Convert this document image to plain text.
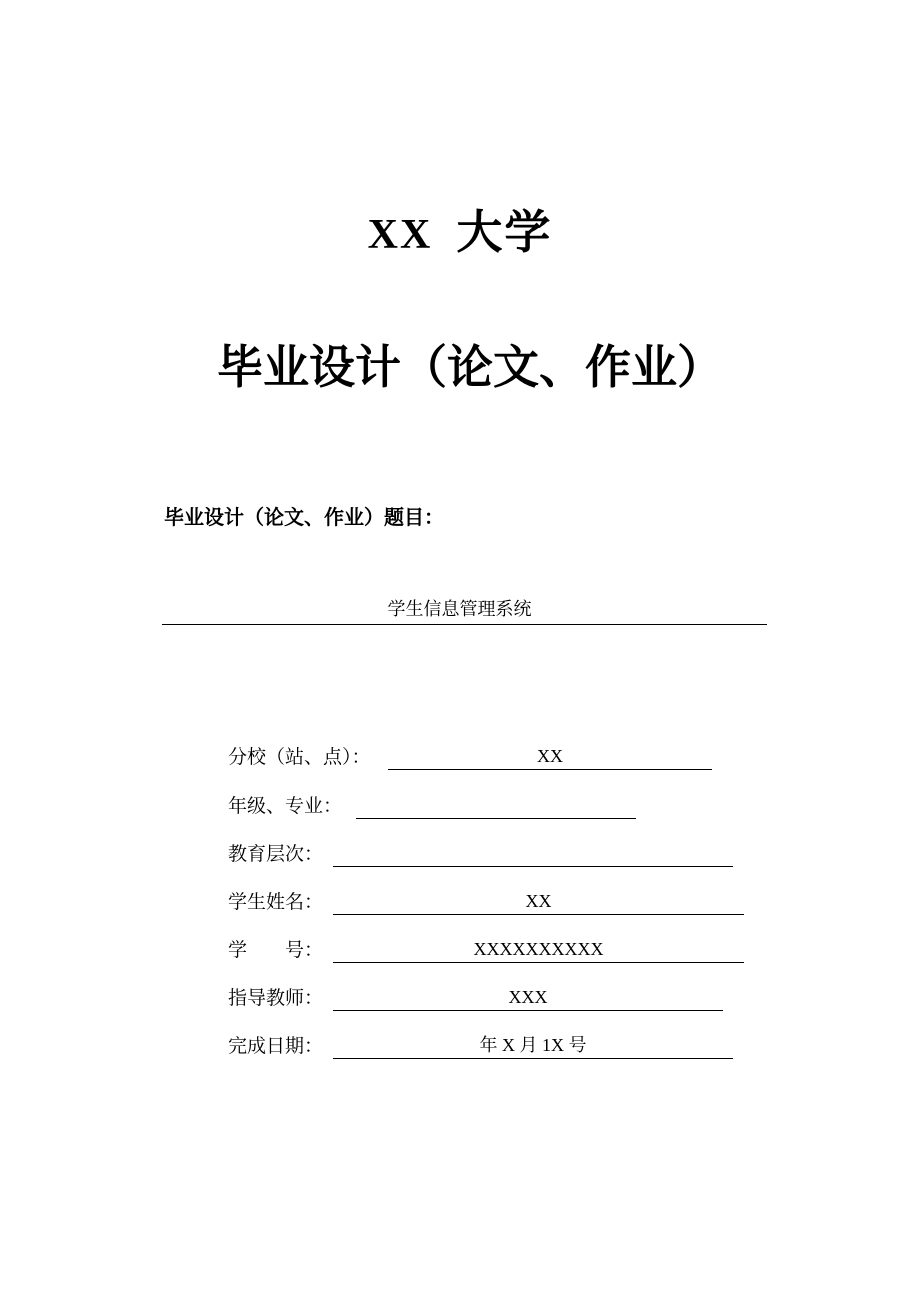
XX 大学
毕业设计（论文、作业）
毕业设计（论文、作业）题目：
学生信息管理系统
分校（站、点）：	XX
年级、专业：
教育层次：
学生姓名：	XX
学　　号：	XXXXXXXXXX
指导教师：	XXX
完成日期：	年 X 月 1X 号
